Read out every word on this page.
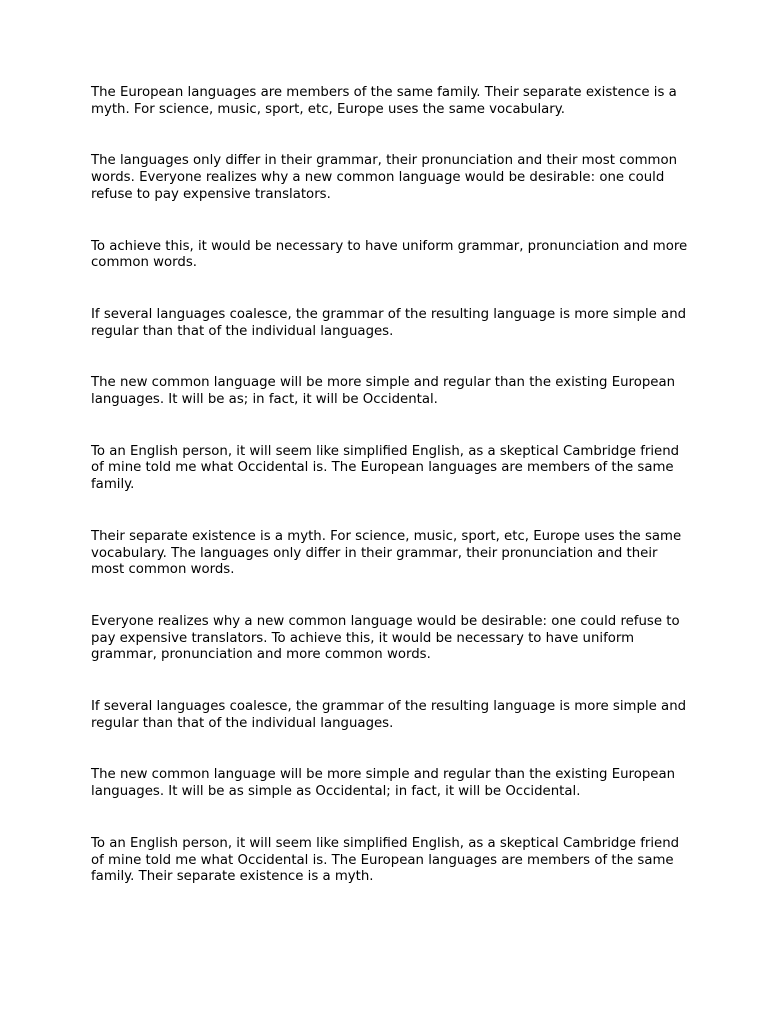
The European languages are members of the same family. Their separate existence is a myth. For science, music, sport, etc, Europe uses the same vocabulary.

The languages only differ in their grammar, their pronunciation and their most common words. Everyone realizes why a new common language would be desirable: one could refuse to pay expensive translators.

To achieve this, it would be necessary to have uniform grammar, pronunciation and more common words.

If several languages coalesce, the grammar of the resulting language is more simple and regular than that of the individual languages.

The new common language will be more simple and regular than the existing European languages. It will be as; in fact, it will be Occidental.

To an English person, it will seem like simplified English, as a skeptical Cambridge friend of mine told me what Occidental is. The European languages are members of the same family.

Their separate existence is a myth. For science, music, sport, etc, Europe uses the same vocabulary. The languages only differ in their grammar, their pronunciation and their most common words.

Everyone realizes why a new common language would be desirable: one could refuse to pay expensive translators. To achieve this, it would be necessary to have uniform grammar, pronunciation and more common words.

If several languages coalesce, the grammar of the resulting language is more simple and regular than that of the individual languages.

The new common language will be more simple and regular than the existing European languages. It will be as simple as Occidental; in fact, it will be Occidental.

To an English person, it will seem like simplified English, as a skeptical Cambridge friend of mine told me what Occidental is. The European languages are members of the same family. Their separate existence is a myth.
